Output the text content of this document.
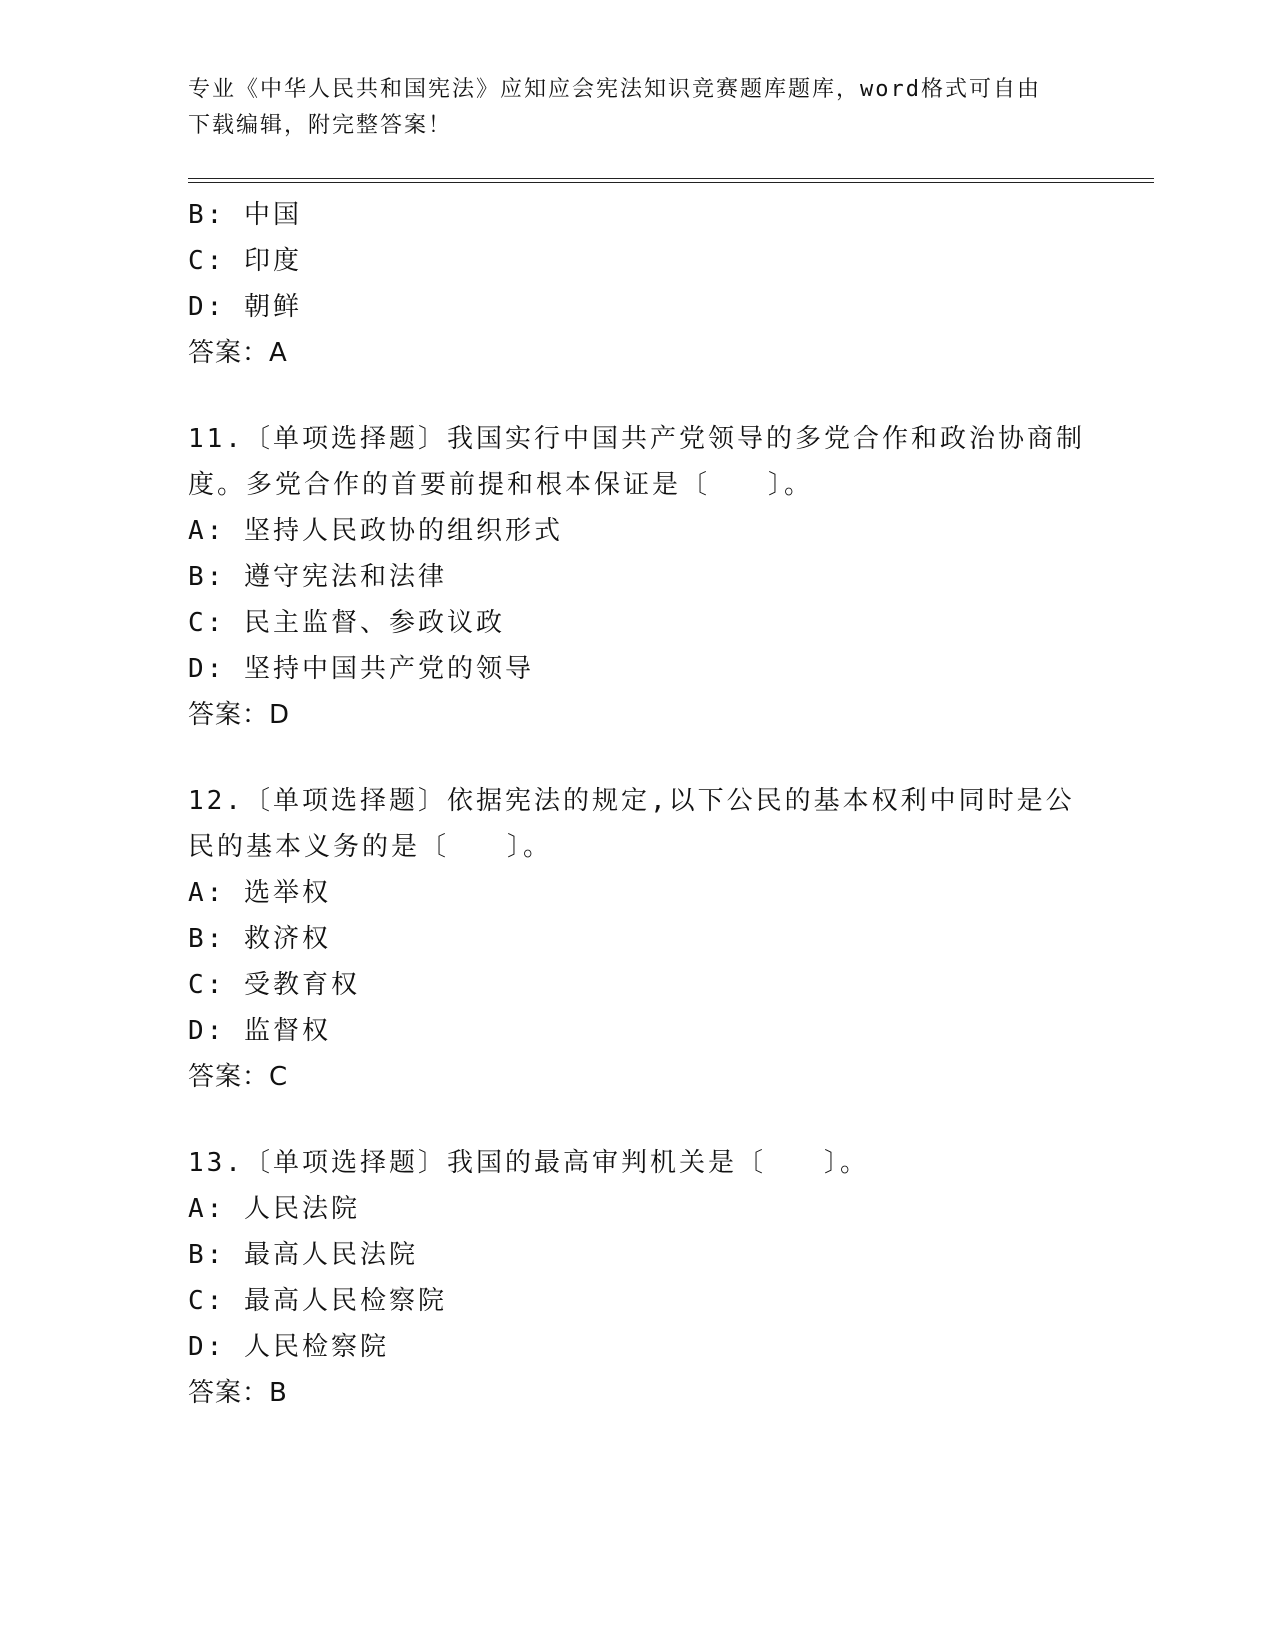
专业《中华人民共和国宪法》应知应会宪法知识竞赛题库题库，word格式可自由
下载编辑，附完整答案！
B: 中国
C: 印度
D: 朝鲜
答案：A
11.〔单项选择题〕我国实行中国共产党领导的多党合作和政治协商制
度。多党合作的首要前提和根本保证是〔　　〕。
A: 坚持人民政协的组织形式
B: 遵守宪法和法律
C: 民主监督、参政议政
D: 坚持中国共产党的领导
答案：D
12.〔单项选择题〕依据宪法的规定,以下公民的基本权利中同时是公
民的基本义务的是〔　　〕。
A: 选举权
B: 救济权
C: 受教育权
D: 监督权
答案：C
13.〔单项选择题〕我国的最高审判机关是〔　　〕。
A: 人民法院
B: 最高人民法院
C: 最高人民检察院
D: 人民检察院
答案：B
